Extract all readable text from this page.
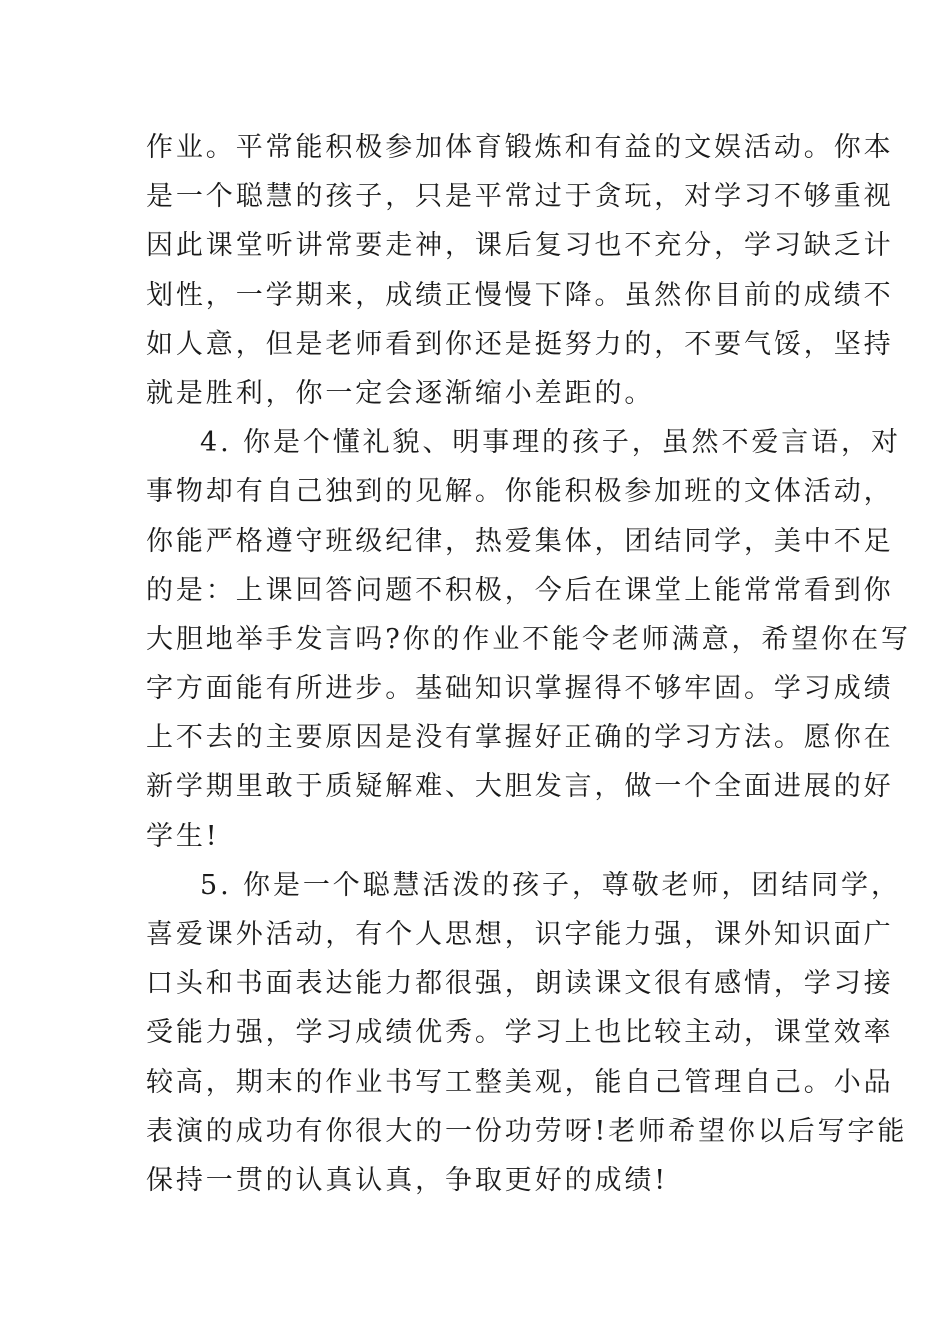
作业。平常能积极参加体育锻炼和有益的文娱活动。你本
是一个聪慧的孩子，只是平常过于贪玩，对学习不够重视
因此课堂听讲常要走神，课后复习也不充分，学习缺乏计
划性，一学期来，成绩正慢慢下降。虽然你目前的成绩不
如人意，但是老师看到你还是挺努力的，不要气馁，坚持
就是胜利，你一定会逐渐缩小差距的。
4. 你是个懂礼貌、明事理的孩子，虽然不爱言语，对
事物却有自己独到的见解。你能积极参加班的文体活动，
你能严格遵守班级纪律，热爱集体，团结同学，美中不足
的是：上课回答问题不积极，今后在课堂上能常常看到你
大胆地举手发言吗?你的作业不能令老师满意，希望你在写
字方面能有所进步。基础知识掌握得不够牢固。学习成绩
上不去的主要原因是没有掌握好正确的学习方法。愿你在
新学期里敢于质疑解难、大胆发言，做一个全面进展的好
学生!
5. 你是一个聪慧活泼的孩子，尊敬老师，团结同学，
喜爱课外活动，有个人思想，识字能力强，课外知识面广
口头和书面表达能力都很强，朗读课文很有感情，学习接
受能力强，学习成绩优秀。学习上也比较主动，课堂效率
较高，期末的作业书写工整美观，能自己管理自己。小品
表演的成功有你很大的一份功劳呀!老师希望你以后写字能
保持一贯的认真认真，争取更好的成绩!
